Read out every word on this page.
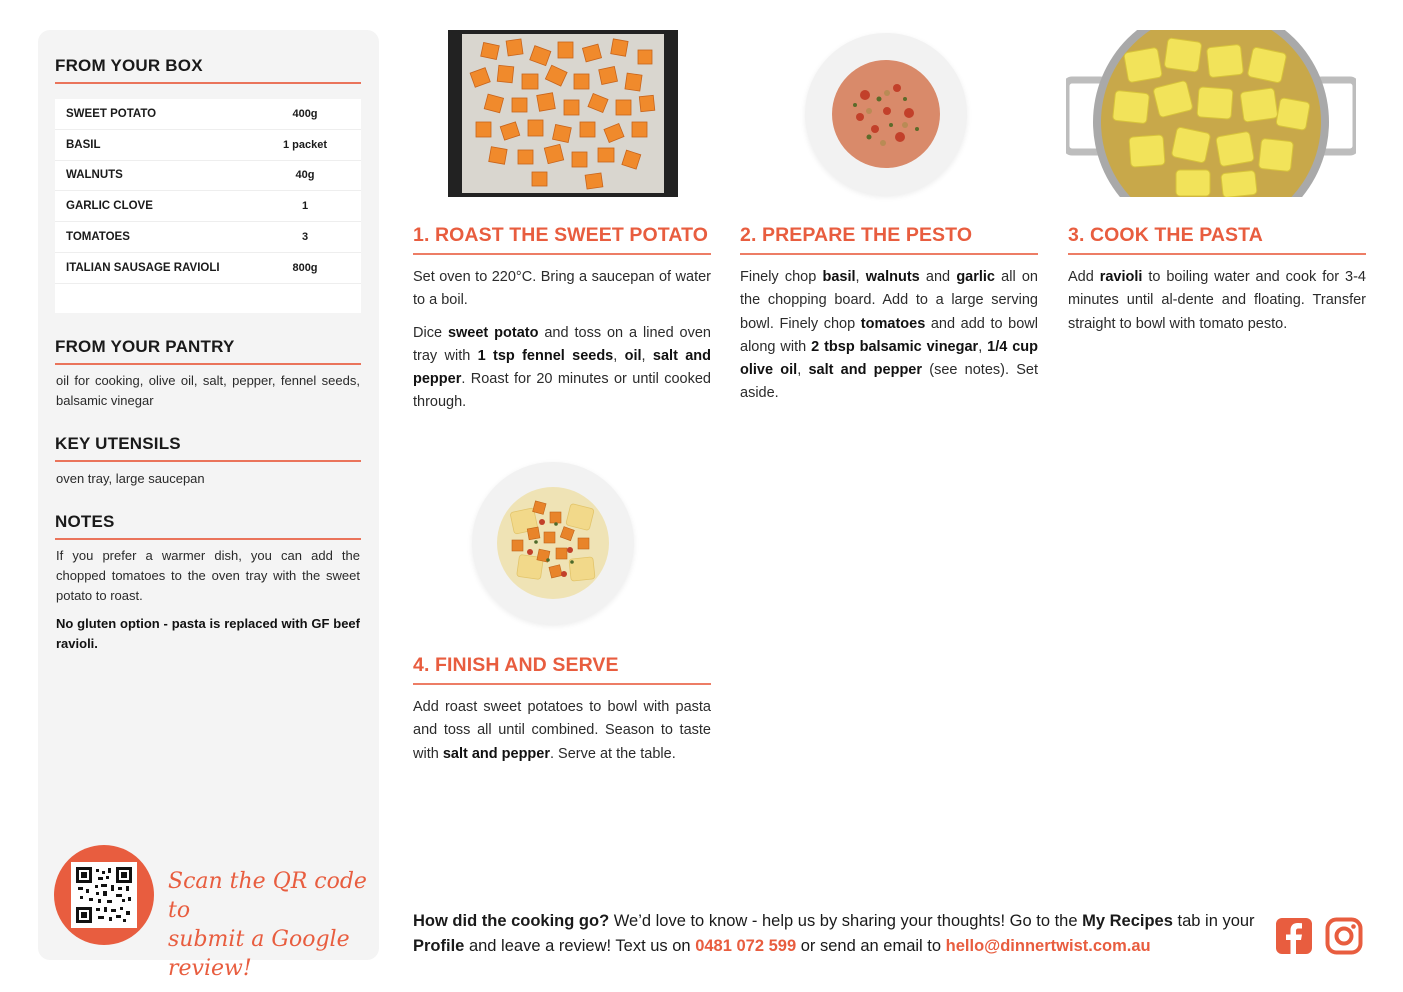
FROM YOUR BOX
SWEET POTATO	400g
BASIL	1 packet
WALNUTS	40g
GARLIC CLOVE	1
TOMATOES	3
ITALIAN SAUSAGE RAVIOLI	800g
FROM YOUR PANTRY
oil for cooking, olive oil, salt, pepper, fennel seeds, balsamic vinegar
KEY UTENSILS
oven tray, large saucepan
NOTES
If you prefer a warmer dish, you can add the chopped tomatoes to the oven tray with the sweet potato to roast.
No gluten option - pasta is replaced with GF beef ravioli.
Scan the QR code to
submit a Google review!
1. ROAST THE SWEET POTATO

Set oven to 220°C. Bring a saucepan of water to a boil.

Dice sweet potato and toss on a lined oven tray with 1 tsp fennel seeds, oil, salt and pepper. Roast for 20 minutes or until cooked through.

2. PREPARE THE PESTO

Finely chop basil, walnuts and garlic all on the chopping board. Add to a large serving bowl. Finely chop tomatoes and add to bowl along with 2 tbsp balsamic vinegar, 1/4 cup olive oil, salt and pepper (see notes). Set aside.

3. COOK THE PASTA

Add ravioli to boiling water and cook for 3-4 minutes until al-dente and floating. Transfer straight to bowl with tomato pesto.

4. FINISH AND SERVE

Add roast sweet potatoes to bowl with pasta and toss all until combined. Season to taste with salt and pepper. Serve at the table.

How did the cooking go? We’d love to know - help us by sharing your thoughts! Go to the My Recipes tab in your Profile and leave a review! Text us on 0481 072 599 or send an email to hello@dinnertwist.com.au
